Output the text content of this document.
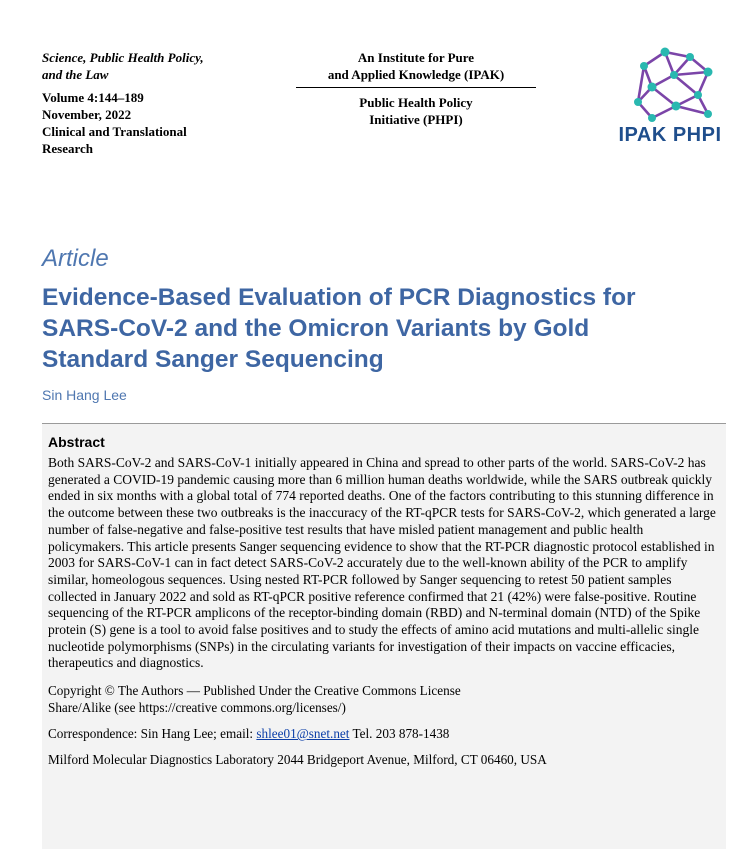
Science, Public Health Policy,
and the Law
Volume 4:144–189
November, 2022
Clinical and Translational
Research
An Institute for Pure
and Applied Knowledge (IPAK)
Public Health Policy
Initiative (PHPI)
IPAK PHPI
Article
Evidence-Based Evaluation of PCR Diagnostics for
SARS-CoV-2 and the Omicron Variants by Gold
Standard Sanger Sequencing
Sin Hang Lee
Abstract

Both SARS-CoV-2 and SARS-CoV-1 initially appeared in China and spread to other parts of the world. SARS-CoV-2 has generated a COVID-19 pandemic causing more than 6 million human deaths worldwide, while the SARS outbreak quickly ended in six months with a global total of 774 reported deaths. One of the factors contributing to this stunning difference in the outcome between these two outbreaks is the inaccuracy of the RT-qPCR tests for SARS-CoV-2, which generated a large number of false-negative and false-positive test results that have misled patient management and public health policymakers. This article presents Sanger sequencing evidence to show that the RT-PCR diagnostic protocol established in 2003 for SARS-CoV-1 can in fact detect SARS-CoV-2 accurately due to the well-known ability of the PCR to amplify similar, homeologous sequences. Using nested RT-PCR followed by Sanger sequencing to retest 50 patient samples collected in January 2022 and sold as RT-qPCR positive reference confirmed that 21 (42%) were false-positive. Routine sequencing of the RT-PCR amplicons of the receptor-binding domain (RBD) and N-terminal domain (NTD) of the Spike protein (S) gene is a tool to avoid false positives and to study the effects of amino acid mutations and multi-allelic single nucleotide polymorphisms (SNPs) in the circulating variants for investigation of their impacts on vaccine efficacies, therapeutics and diagnostics.

Copyright © The Authors — Published Under the Creative Commons License
Share/Alike (see https://creative commons.org/licenses/)
Correspondence: Sin Hang Lee; email: shlee01@snet.net Tel. 203 878-1438
Milford Molecular Diagnostics Laboratory 2044 Bridgeport Avenue, Milford, CT 06460, USA
